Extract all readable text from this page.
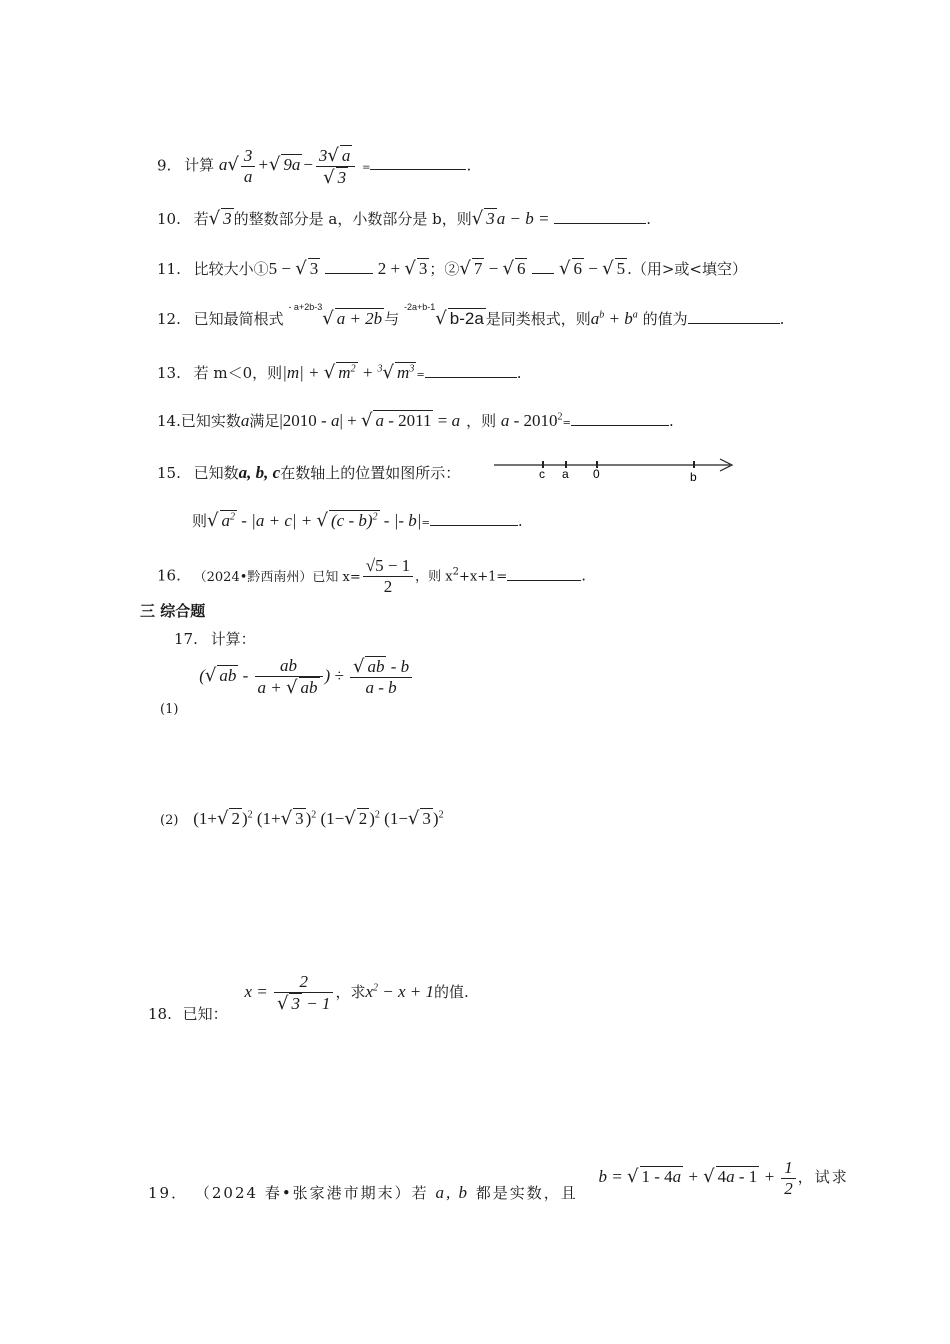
9. 计算 $a√ \frac{3}{a}$ +√ $9a - \frac{3√ a}{√ 3}$ =	.
10. 若√ 3 的整数部分是 a，小数部分是 b，则√ 3 a − b =	.
11. 比较大小①5 − √ 3	2 + √ 3 ；②√ 7 − √ 6 √ 6 − √ 5 .（用>或<填空）
12. 已知最简根式 $^{- a+2b-3}$√ a + 2b 与 $^{-2a+b-1}$√ b-2a 是同类根式，则$a^b + b^a$ 的值为	.
13. 若 m＜0，则|m| + √ $m^2 + ^3√$ $m^3=$	.
14.已知实数a满足|2010 - a| + √ a - 2011 = a ，则 $a - 2010^2=$	.
15. 已知数a, b, c在数轴上的位置如图所示：	c a 0	b
则√ $a^2 - |a + c|$ + √ (c - b)$^2$ - |- b|=	.
16. （2024•黔西南州）已知 $x= \frac{√5 - 1}{2}$ ，则 $x^2+x+1=$	.
三 综合题
17. 计算：
(1) (√ ab - $\frac{ab}{a + √ ab}$ ) ÷ $\frac{√ ab - b}{a - b}$
(2) (1+√ 2 )$^2$ (1+√ 3 )$^2$ (1−√ 2 )$^2$ (1−√ 3 )$^2$
18. 已知： $x = \frac{2}{√ 3 - 1}$ ，求$x^2 - x + 1$的值.
19． （2024 春•张家港市期末）若 a, b 都是实数，且 b = √ 1 - 4a + √ $4a - 1 + \frac{1}{2}$ ，试求
